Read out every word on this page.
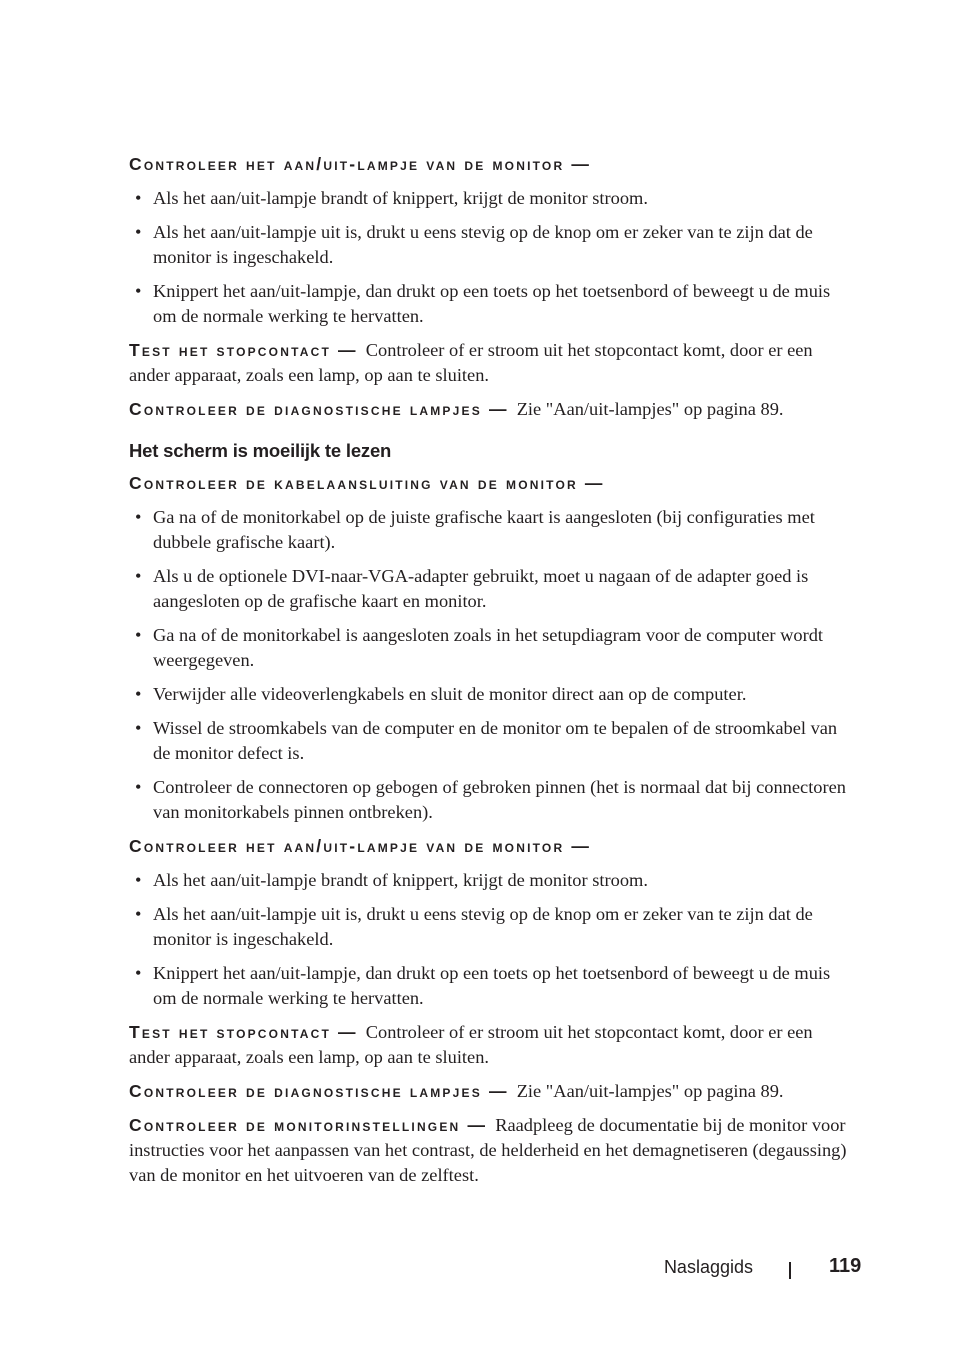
Controleer het aan/uit-lampje van de monitor —
• Als het aan/uit-lampje brandt of knippert, krijgt de monitor stroom.
• Als het aan/uit-lampje uit is, drukt u eens stevig op de knop om er zeker van te zijn dat de monitor is ingeschakeld.
• Knippert het aan/uit-lampje, dan drukt op een toets op het toetsenbord of beweegt u de muis om de normale werking te hervatten.

Test het stopcontact — Controleer of er stroom uit het stopcontact komt, door er een ander apparaat, zoals een lamp, op aan te sluiten.

Controleer de diagnostische lampjes — Zie "Aan/uit-lampjes" op pagina 89.

Het scherm is moeilijk te lezen
Controleer de kabelaansluiting van de monitor —
• Ga na of de monitorkabel op de juiste grafische kaart is aangesloten (bij configuraties met dubbele grafische kaart).
• Als u de optionele DVI-naar-VGA-adapter gebruikt, moet u nagaan of de adapter goed is aangesloten op de grafische kaart en monitor.
• Ga na of de monitorkabel is aangesloten zoals in het setupdiagram voor de computer wordt weergegeven.
• Verwijder alle videoverlengkabels en sluit de monitor direct aan op de computer.
• Wissel de stroomkabels van de computer en de monitor om te bepalen of de stroomkabel van de monitor defect is.
• Controleer de connectoren op gebogen of gebroken pinnen (het is normaal dat bij connectoren van monitorkabels pinnen ontbreken).
Controleer het aan/uit-lampje van de monitor —
• Als het aan/uit-lampje brandt of knippert, krijgt de monitor stroom.
• Als het aan/uit-lampje uit is, drukt u eens stevig op de knop om er zeker van te zijn dat de monitor is ingeschakeld.
• Knippert het aan/uit-lampje, dan drukt op een toets op het toetsenbord of beweegt u de muis om de normale werking te hervatten.

Test het stopcontact — Controleer of er stroom uit het stopcontact komt, door er een ander apparaat, zoals een lamp, op aan te sluiten.

Controleer de diagnostische lampjes — Zie "Aan/uit-lampjes" op pagina 89.

Controleer de monitorinstellingen — Raadpleeg de documentatie bij de monitor voor instructies voor het aanpassen van het contrast, de helderheid en het demagnetiseren (degaussing) van de monitor en het uitvoeren van de zelftest.

Naslaggids	119
